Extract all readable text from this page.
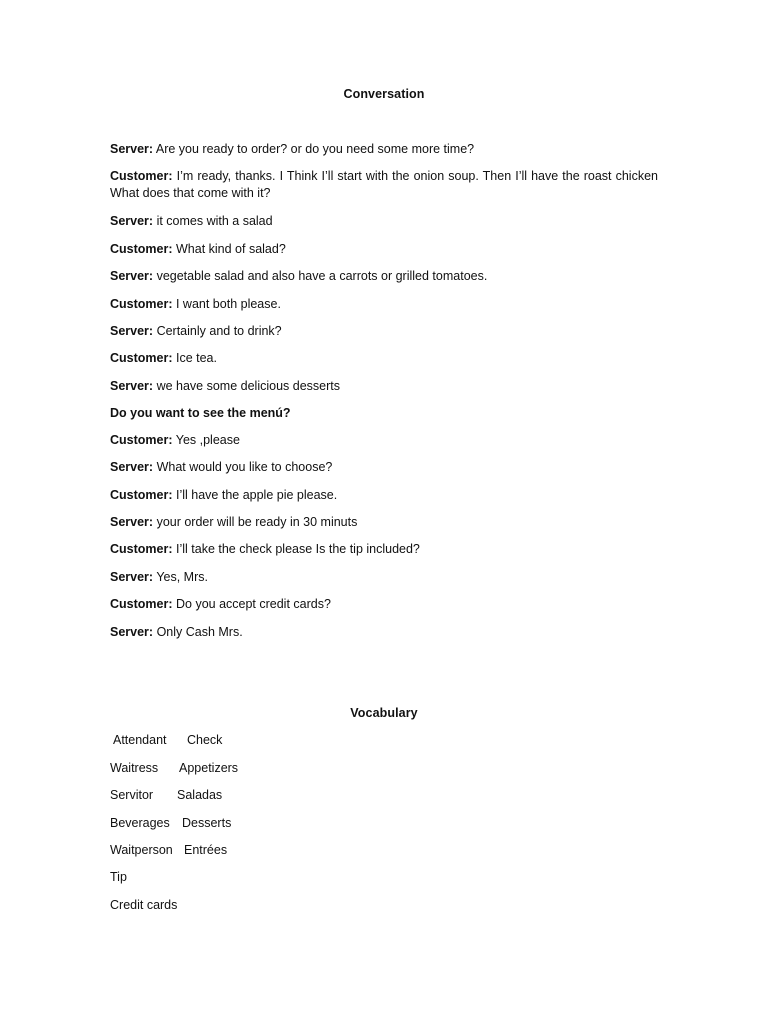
Conversation
Server: Are you ready to order? or do you need some more time?
Customer: I’m ready, thanks. I Think I’ll start with the onion soup. Then I’ll have the roast chicken What does that come with it?
Server: it comes with a salad
Customer: What kind of salad?
Server: vegetable salad and also have a carrots or grilled tomatoes.
Customer: I want both please.
Server: Certainly and to drink?
Customer: Ice tea.
Server: we have some delicious desserts
Do you want to see the menú?
Customer: Yes ,please
Server: What would you like to choose?
Customer: I’ll have the apple pie please.
Server: your order will be ready in 30 minuts
Customer: I’ll take the check please Is the tip included?
Server: Yes, Mrs.
Customer: Do you accept credit cards?
Server: Only Cash Mrs.
Vocabulary
Attendant Check
Waitress Appetizers
Servitor Saladas
Beverages Desserts
Waitperson Entrées
Tip
Credit cards
